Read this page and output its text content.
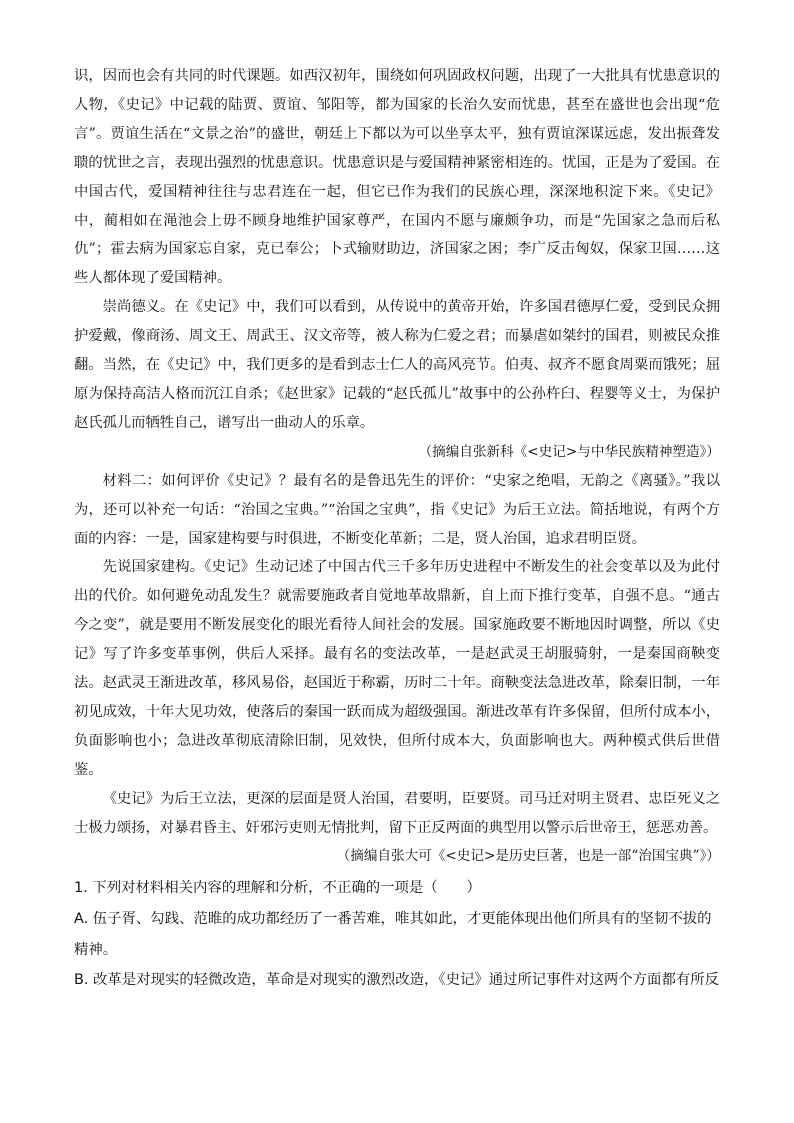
识，因而也会有共同的时代课题。如西汉初年，围绕如何巩固政权问题，出现了一大批具有忧患意识的人物，《史记》中记载的陆贾、贾谊、邹阳等，都为国家的长治久安而忧患，甚至在盛世也会出现“危言”。贾谊生活在“文景之治”的盛世，朝廷上下都以为可以坐享太平，独有贾谊深谋远虑，发出振聋发聩的忧世之言，表现出强烈的忧患意识。忧患意识是与爱国精神紧密相连的。忧国，正是为了爱国。在中国古代，爱国精神往往与忠君连在一起，但它已作为我们的民族心理，深深地积淀下来。《史记》中，蔺相如在渑池会上毋不顾身地维护国家尊严，在国内不愿与廉颇争功，而是“先国家之急而后私仇”；霍去病为国家忘自家，克已奉公；卜式输财助边，济国家之困；李广反击匈奴，保家卫国……这些人都体现了爱国精神。

崇尚德义。在《史记》中，我们可以看到，从传说中的黄帝开始，许多国君德厚仁爱，受到民众拥护爱戴，像商汤、周文王、周武王、汉文帝等，被人称为仁爱之君；而暴虐如桀纣的国君，则被民众推翻。当然，在《史记》中，我们更多的是看到志士仁人的高风亮节。伯夷、叔齐不愿食周粟而饿死；屈原为保持高洁人格而沉江自杀；《赵世家》记载的“赵氏孤儿”故事中的公孙杵臼、程婴等义士，为保护赵氏孤儿而牺牲自己，谱写出一曲动人的乐章。

（摘编自张新科《<史记>与中华民族精神塑造》）

材料二：如何评价《史记》？最有名的是鲁迅先生的评价：“史家之绝唱，无韵之《离骚》。”我以为，还可以补充一句话：“治国之宝典。”“治国之宝典”，指《史记》为后王立法。简括地说，有两个方面的内容：一是，国家建构要与时俱进，不断变化革新；二是，贤人治国，追求君明臣贤。

先说国家建构。《史记》生动记述了中国古代三千多年历史进程中不断发生的社会变革以及为此付出的代价。如何避免动乱发生？就需要施政者自觉地革故鼎新，自上而下推行变革，自强不息。“通古今之变”，就是要用不断发展变化的眼光看待人间社会的发展。国家施政要不断地因时调整，所以《史记》写了许多变革事例，供后人采择。最有名的变法改革，一是赵武灵王胡服骑射，一是秦国商鞅变法。赵武灵王渐进改革，移风易俗，赵国近于称霸，历时二十年。商鞅变法急进改革，除秦旧制，一年初见成效，十年大见功效，使落后的秦国一跃而成为超级强国。渐进改革有许多保留，但所付成本小，负面影响也小；急进改革彻底清除旧制，见效快，但所付成本大，负面影响也大。两种模式供后世借鉴。

《史记》为后王立法，更深的层面是贤人治国，君要明，臣要贤。司马迁对明主贤君、忠臣死义之士极力颂扬，对暴君昏主、奸邪污吏则无情批判，留下正反两面的典型用以警示后世帝王，惩恶劝善。

（摘编自张大可《<史记>是历史巨著，也是一部“治国宝典”》）

1. 下列对材料相关内容的理解和分析，不正确的一项是（　　）

A. 伍子胥、勾践、范睢的成功都经历了一番苦难，唯其如此，才更能体现出他们所具有的坚韧不拔的精神。

B. 改革是对现实的轻微改造，革命是对现实的激烈改造，《史记》通过所记事件对这两个方面都有所反
